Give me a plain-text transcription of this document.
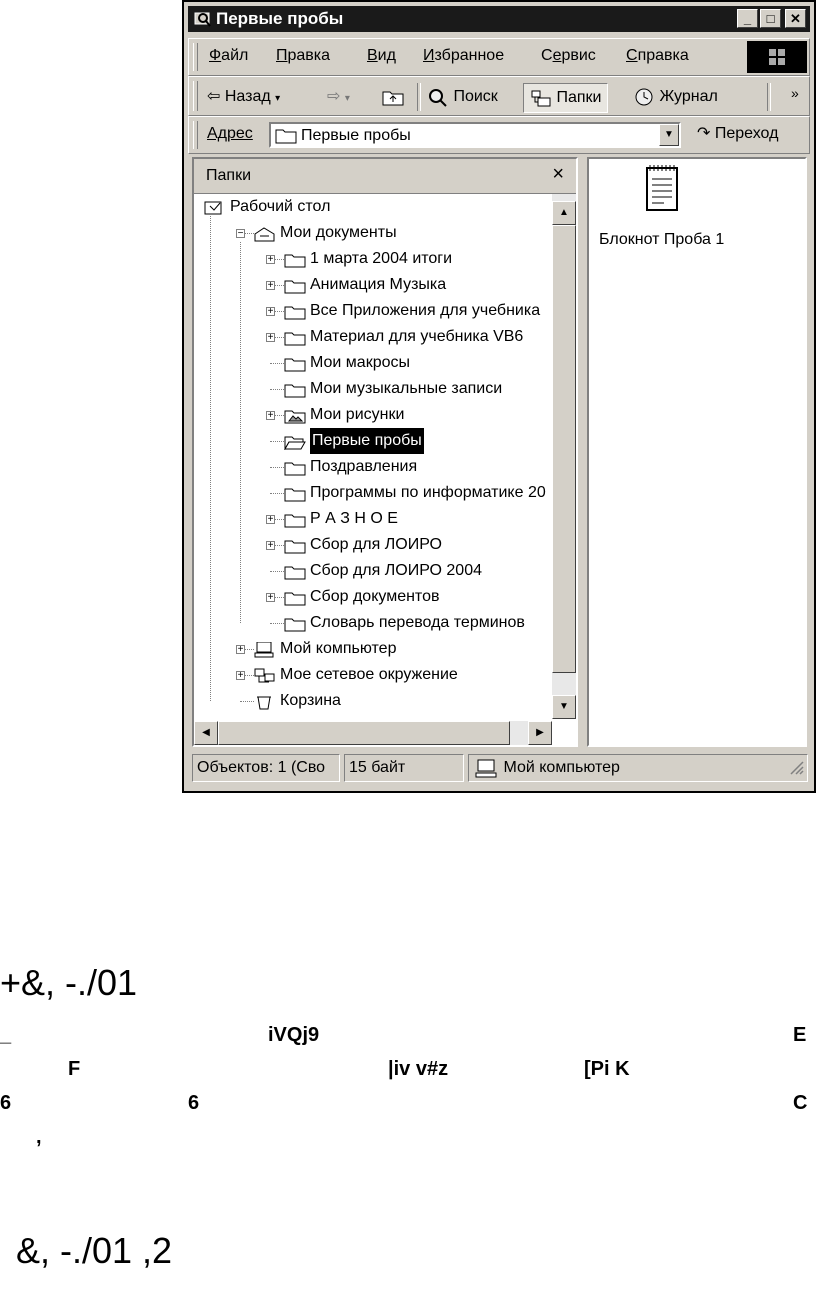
Первые пробы	_	□	✕
Файл Правка Вид Избранное Сервис Справка
⇦ Назад ▾	⇨ ▾	Поиск	Папки	Журнал	»
Адрес	Первые пробы	▼	↷ Переход
Папки	×
Рабочий стол
− Мои документы
+ 1 марта 2004 итоги
+ Анимация Музыка
+ Все Приложения для учебника
+ Материал для учебника VB6
Мои макросы
Мои музыкальные записи
+ Мои рисунки
Первые пробы
Поздравления
Программы по информатике 20
+ Р А З Н О Е
+ Сбор для ЛОИРО
Сбор для ЛОИРО 2004
+ Сбор документов
Словарь перевода терминов
+ Мой компьютер
+ Мое сетевое окружение
Корзина
▲
▼
◀	▶
Блокнот Проба 1
Объектов: 1 (Сво	15 байт	Мой компьютер
+&, -./01
_	iVQj9	E
F	|iv v#z	[Pi K
6	6	C
,
&, -./01 ,2
